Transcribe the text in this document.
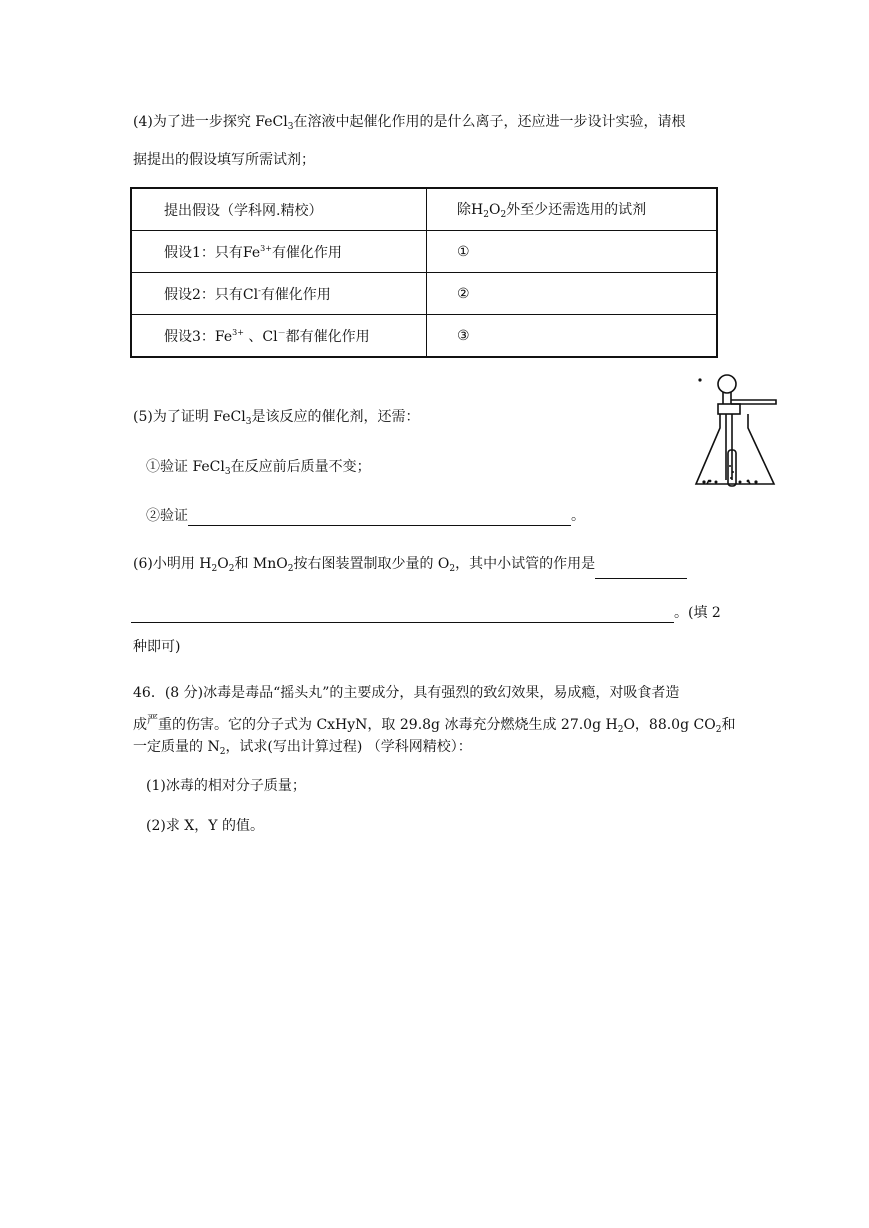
(4)为了进一步探究 FeCl$_3$在溶液中起催化作用的是什么离子，还应进一步设计实验，请根
据提出的假设填写所需试剂；
提出假设（学科网.精校）	除$H_2O_2$外至少还需选用的试剂
假设1：只有$Fe^{3+}$有催化作用	①
假设2：只有Cl-有催化作用	②
假设3：$Fe^{3+}$ 、Cl－都有催化作用	③
(5)为了证明 FeCl$_3$是该反应的催化剂，还需：
①验证 FeCl$_3$在反应前后质量不变；
②验证	。
(6)小明用 $H_2O_2$和 MnO$_2$按右图装置制取少量的 $O_2$，其中小试管的作用是
。(填 2
种即可)
46．(8 分)冰毒是毒品“摇头丸”的主要成分，具有强烈的致幻效果，易成瘾，对吸食者造
成$^严$重的伤害。它的分子式为 CxHyN，取 29.8g 冰毒充分燃烧生成 27.0g $H_2O$，88.0g $CO_2$和
一定质量的 $N_2$，试求(写出计算过程) （学科网精校）：
(1)冰毒的相对分子质量；
(2)求 X，Y 的值。
